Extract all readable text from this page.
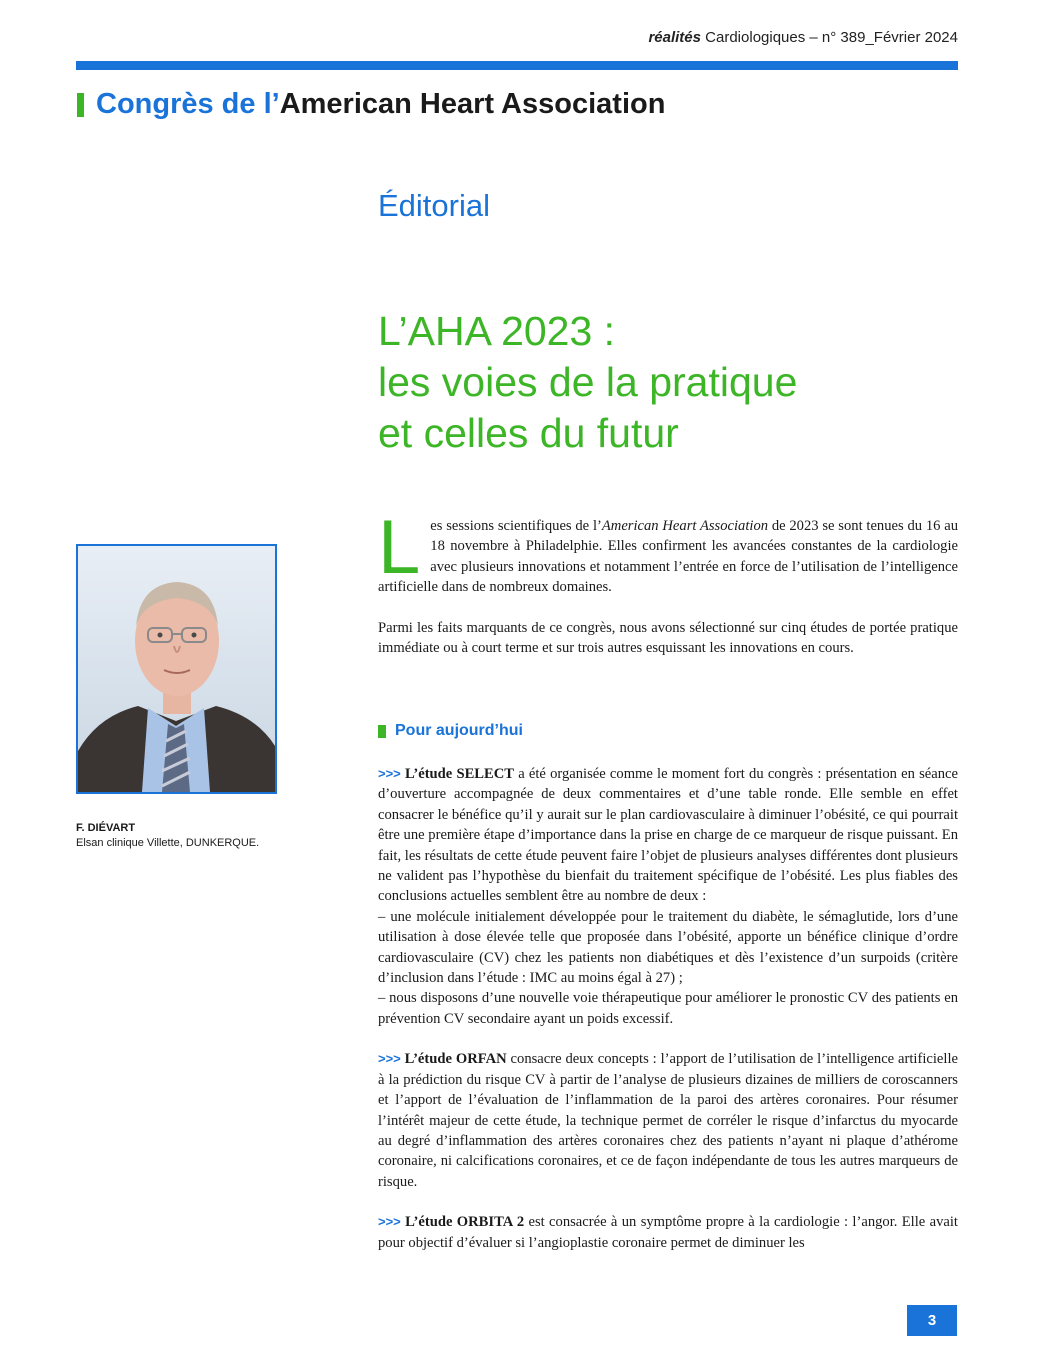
réalités Cardiologiques – n° 389_Février 2024
Congrès de l’ American Heart Association
Éditorial
L’AHA 2023 :
les voies de la pratique
et celles du futur
F. DIÉVART
Elsan clinique Villette, DUNKERQUE.

Les sessions scientifiques de l’American Heart Association de 2023 se sont tenues du 16 au 18 novembre à Philadelphie. Elles confirment les avancées constantes de la cardiologie avec plusieurs innovations et notamment l’entrée en force de l’utilisation de l’intelligence artificielle dans de nombreux domaines.

Parmi les faits marquants de ce congrès, nous avons sélectionné sur cinq études de portée pratique immédiate ou à court terme et sur trois autres esquissant les innovations en cours.

Pour aujourd’hui

>>> L’étude SELECT a été organisée comme le moment fort du congrès : présentation en séance d’ouverture accompagnée de deux commentaires et d’une table ronde. Elle semble en effet consacrer le bénéfice qu’il y aurait sur le plan cardiovasculaire à diminuer l’obésité, ce qui pourrait être une première étape d’importance dans la prise en charge de ce marqueur de risque puissant. En fait, les résultats de cette étude peuvent faire l’objet de plusieurs analyses différentes dont plusieurs ne valident pas l’hypothèse du bienfait du traitement spécifique de l’obésité. Les plus fiables des conclusions actuelles semblent être au nombre de deux :

– une molécule initialement développée pour le traitement du diabète, le sémaglutide, lors d’une utilisation à dose élevée telle que proposée dans l’obésité, apporte un bénéfice clinique d’ordre cardiovasculaire (CV) chez les patients non diabétiques et dès l’existence d’un surpoids (critère d’inclusion dans l’étude : IMC au moins égal à 27) ;

– nous disposons d’une nouvelle voie thérapeutique pour améliorer le pronostic CV des patients en prévention CV secondaire ayant un poids excessif.

>>> L’étude ORFAN consacre deux concepts : l’apport de l’utilisation de l’intelligence artificielle à la prédiction du risque CV à partir de l’analyse de plusieurs dizaines de milliers de coroscanners et l’apport de l’évaluation de l’inflammation de la paroi des artères coronaires. Pour résumer l’intérêt majeur de cette étude, la technique permet de corréler le risque d’infarctus du myocarde au degré d’inflammation des artères coronaires chez des patients n’ayant ni plaque d’athérome coronaire, ni calcifications coronaires, et ce de façon indépendante de tous les autres marqueurs de risque.

>>> L’étude ORBITA 2 est consacrée à un symptôme propre à la cardiologie : l’angor. Elle avait pour objectif d’évaluer si l’angioplastie coronaire permet de diminuer les

3
